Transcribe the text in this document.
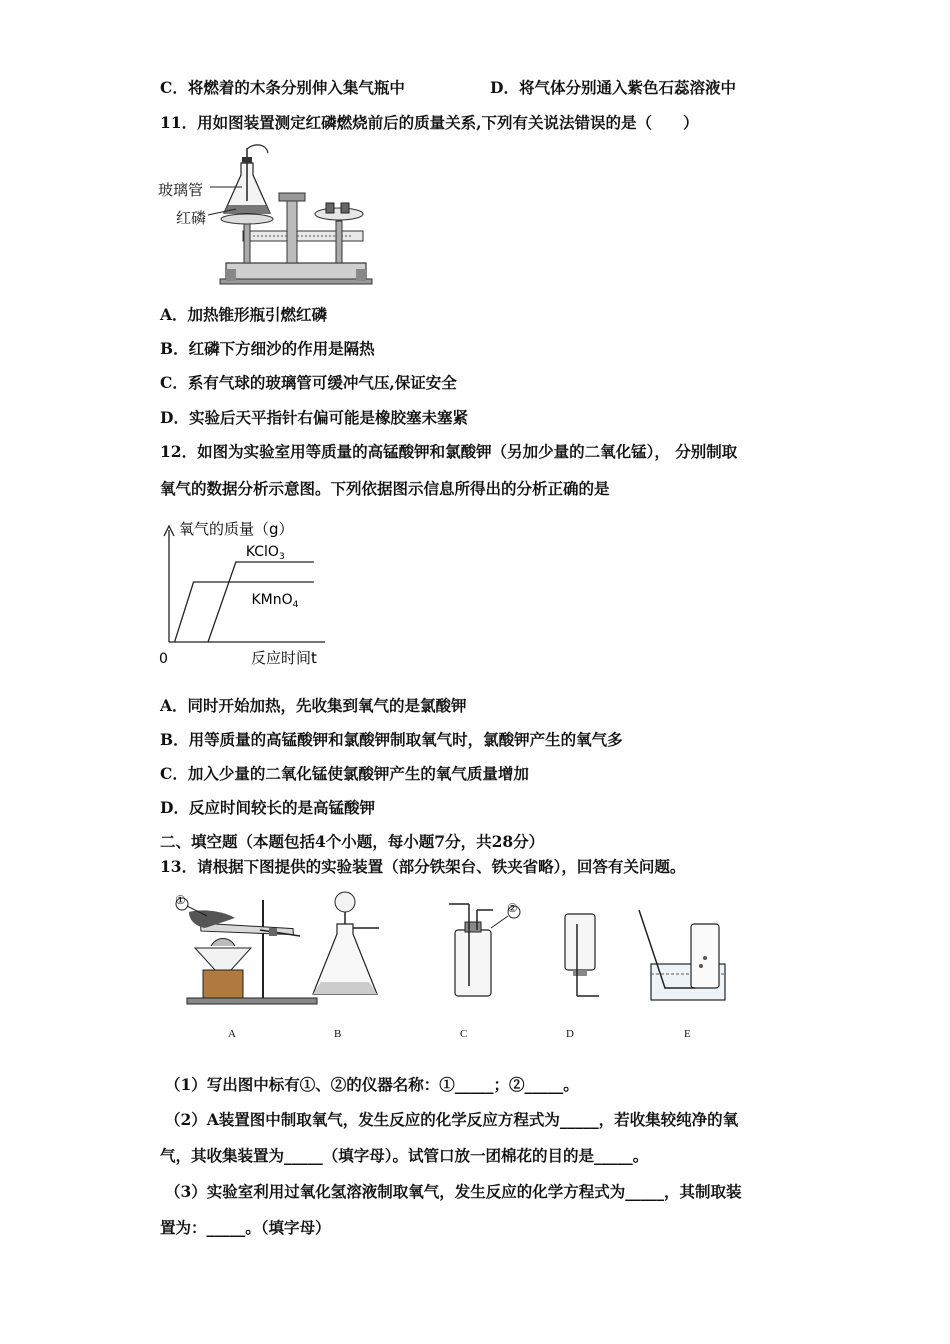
C．将燃着的木条分别伸入集气瓶中	D．将气体分别通入紫色石蕊溶液中
11．用如图装置测定红磷燃烧前后的质量关系,下列有关说法错误的是（　　）
玻璃管
红磷
A．加热锥形瓶引燃红磷
B．红磷下方细沙的作用是隔热
C．系有气球的玻璃管可缓冲气压,保证安全
D．实验后天平指针右偏可能是橡胶塞未塞紧
12．如图为实验室用等质量的高锰酸钾和氯酸钾（另加少量的二氧化锰）， 分别制取
氧气的数据分析示意图。下列依据图示信息所得出的分析正确的是
氧气的质量（g）
0	反应时间t
KClO$_3$
KMnO$_4$
A．同时开始加热，先收集到氧气的是氯酸钾
B．用等质量的高锰酸钾和氯酸钾制取氧气时，氯酸钾产生的氧气多
C．加入少量的二氧化锰使氯酸钾产生的氧气质量增加
D．反应时间较长的是高锰酸钾
二、填空题（本题包括4个小题，每小题7分，共28分）
13．请根据下图提供的实验装置（部分铁架台、铁夹省略），回答有关问题。
①
②
A	B	C	D	E
（1）写出图中标有①、②的仪器名称：①_____；②_____。
（2）A装置图中制取氧气，发生反应的化学反应方程式为_____，若收集较纯净的氧
气，其收集装置为_____（填字母）。试管口放一团棉花的目的是_____。
（3）实验室利用过氧化氢溶液制取氧气，发生反应的化学方程式为_____，其制取装
置为：_____。（填字母）
